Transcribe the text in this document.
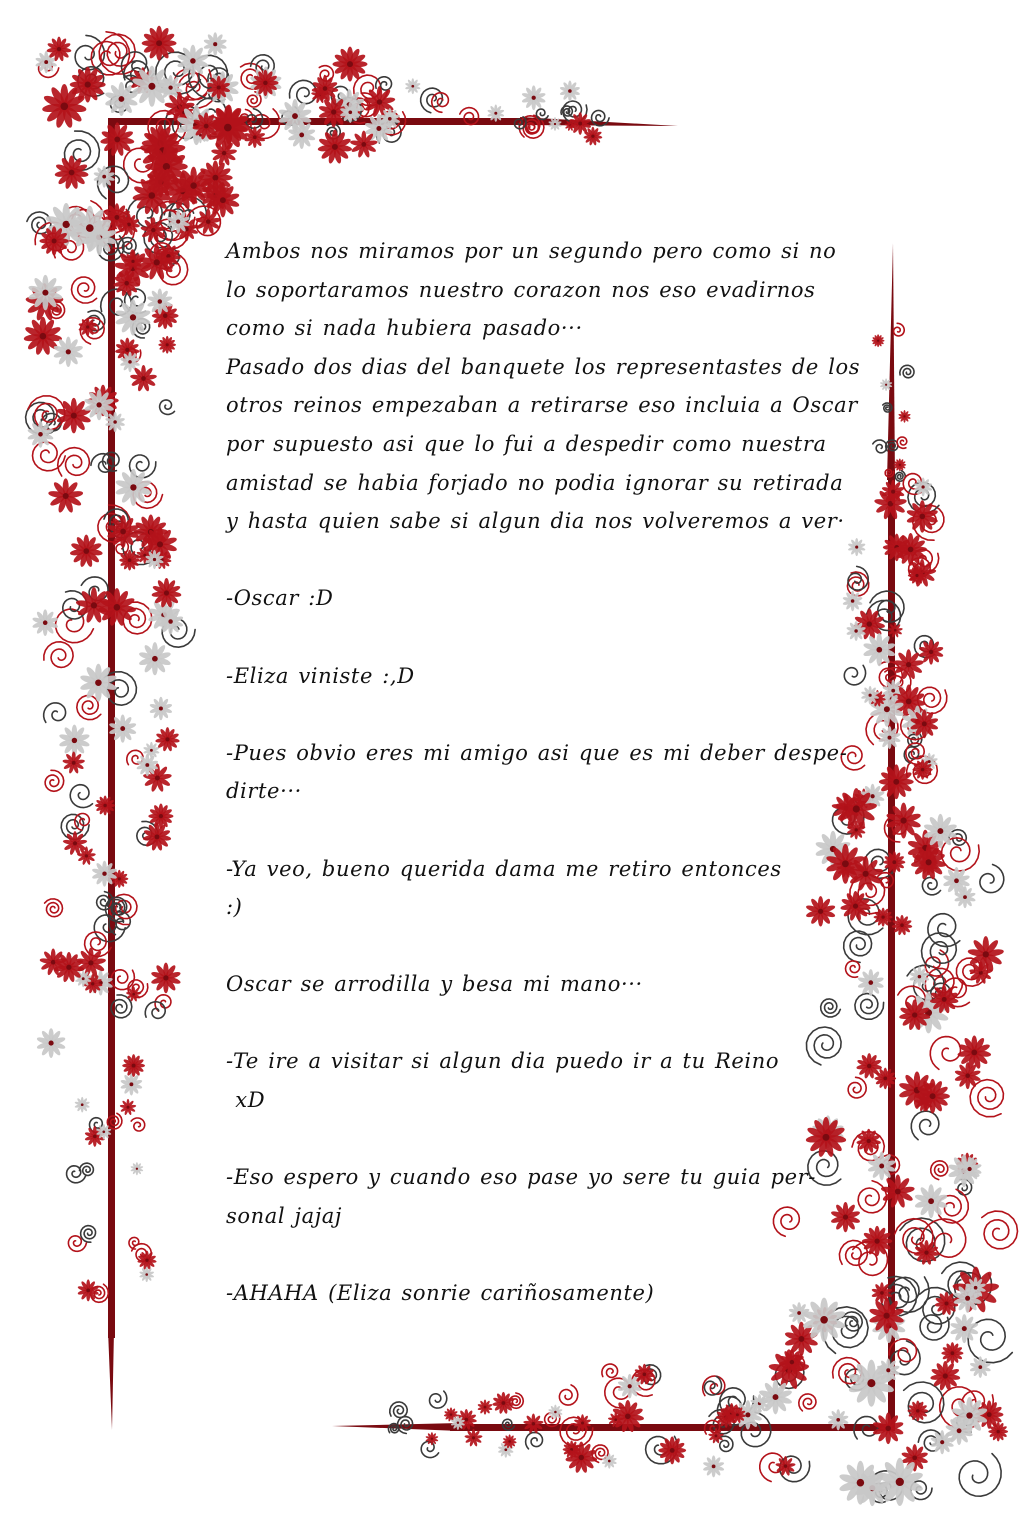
Ambos nos miramos por un segundo pero como si no
lo soportaramos nuestro corazon nos eso evadirnos
como si nada hubiera pasado···
Pasado dos dias del banquete los representastes de los
otros reinos empezaban a retirarse eso incluia a Oscar
por supuesto asi que lo fui a despedir como nuestra
amistad se habia forjado no podia ignorar su retirada
y hasta quien sabe si algun dia nos volveremos a ver·

-Oscar :D

-Eliza viniste :,D

-Pues obvio eres mi amigo asi que es mi deber despe-
dirte···

-Ya veo, bueno querida dama me retiro entonces
:)

Oscar se arrodilla y besa mi mano···

-Te ire a visitar si algun dia puedo ir a tu Reino
xD

-Eso espero y cuando eso pase yo sere tu guia per-
sonal jajaj

-AHAHA (Eliza sonrie cariñosamente)
